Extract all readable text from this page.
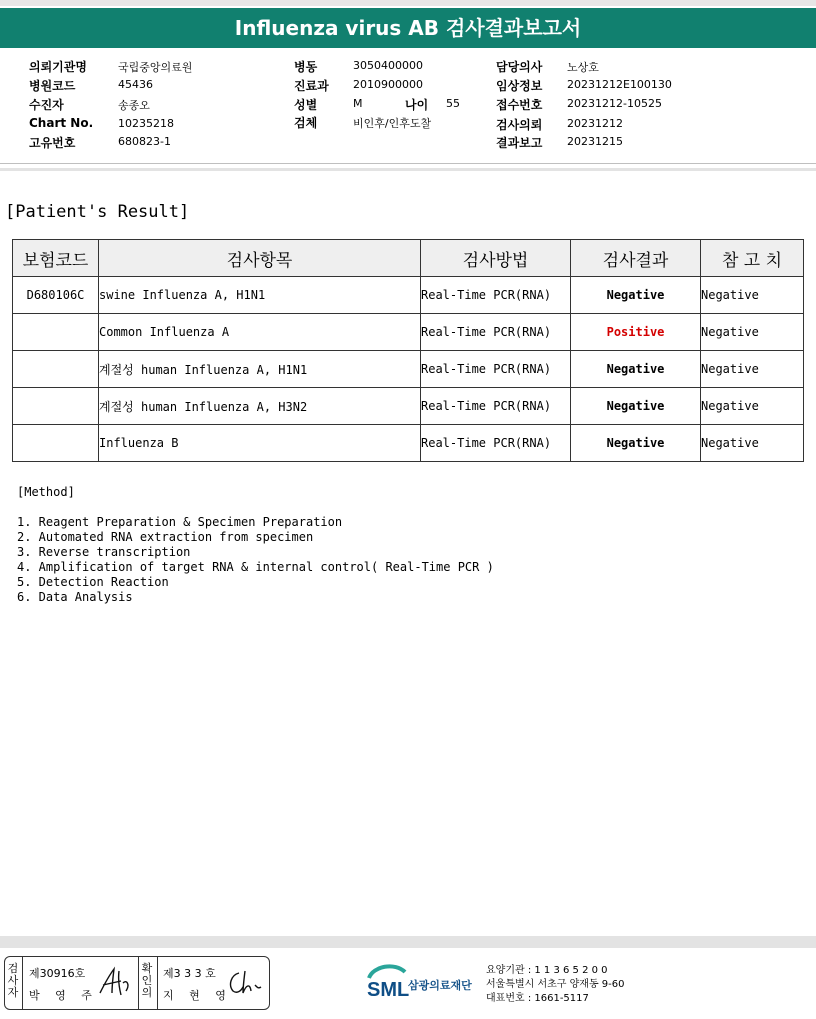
Influenza virus AB 검사결과보고서
의뢰기관명	국립중앙의료원
병원코드	45436
수진자	송종오
Chart No. 10235218
고유번호	680823-1
병동	3050400000
진료과 2010900000
성별	M	나이 55
검체	비인후/인후도찰
담당의사 노상호
임상정보 20231212E100130
접수번호 20231212-10525
검사의뢰 20231212
결과보고 20231215
[Patient's Result]
보험코드	검사항목	검사방법	검사결과	참 고 치
D680106C	swine Influenza A, H1N1	Real-Time PCR(RNA)	Negative	Negative
	Common Influenza A	Real-Time PCR(RNA)	Positive	Negative
	계절성 human Influenza A, H1N1	Real-Time PCR(RNA)	Negative	Negative
	계절성 human Influenza A, H3N2	Real-Time PCR(RNA)	Negative	Negative
	Influenza B	Real-Time PCR(RNA)	Negative	Negative
[Method]
1. Reagent Preparation & Specimen Preparation
2. Automated RNA extraction from specimen
3. Reverse transcription
4. Amplification of target RNA & internal control( Real-Time PCR )
5. Detection Reaction
6. Data Analysis
검
사
자
제30916호
박 영 주
확
인
의
제3 3 3 호
지 현 영	SML
삼광의료재단
요양기관 : 1 1 3 6 5 2 0 0
서울특별시 서초구 양재동 9-60
대표번호 : 1661-5117
